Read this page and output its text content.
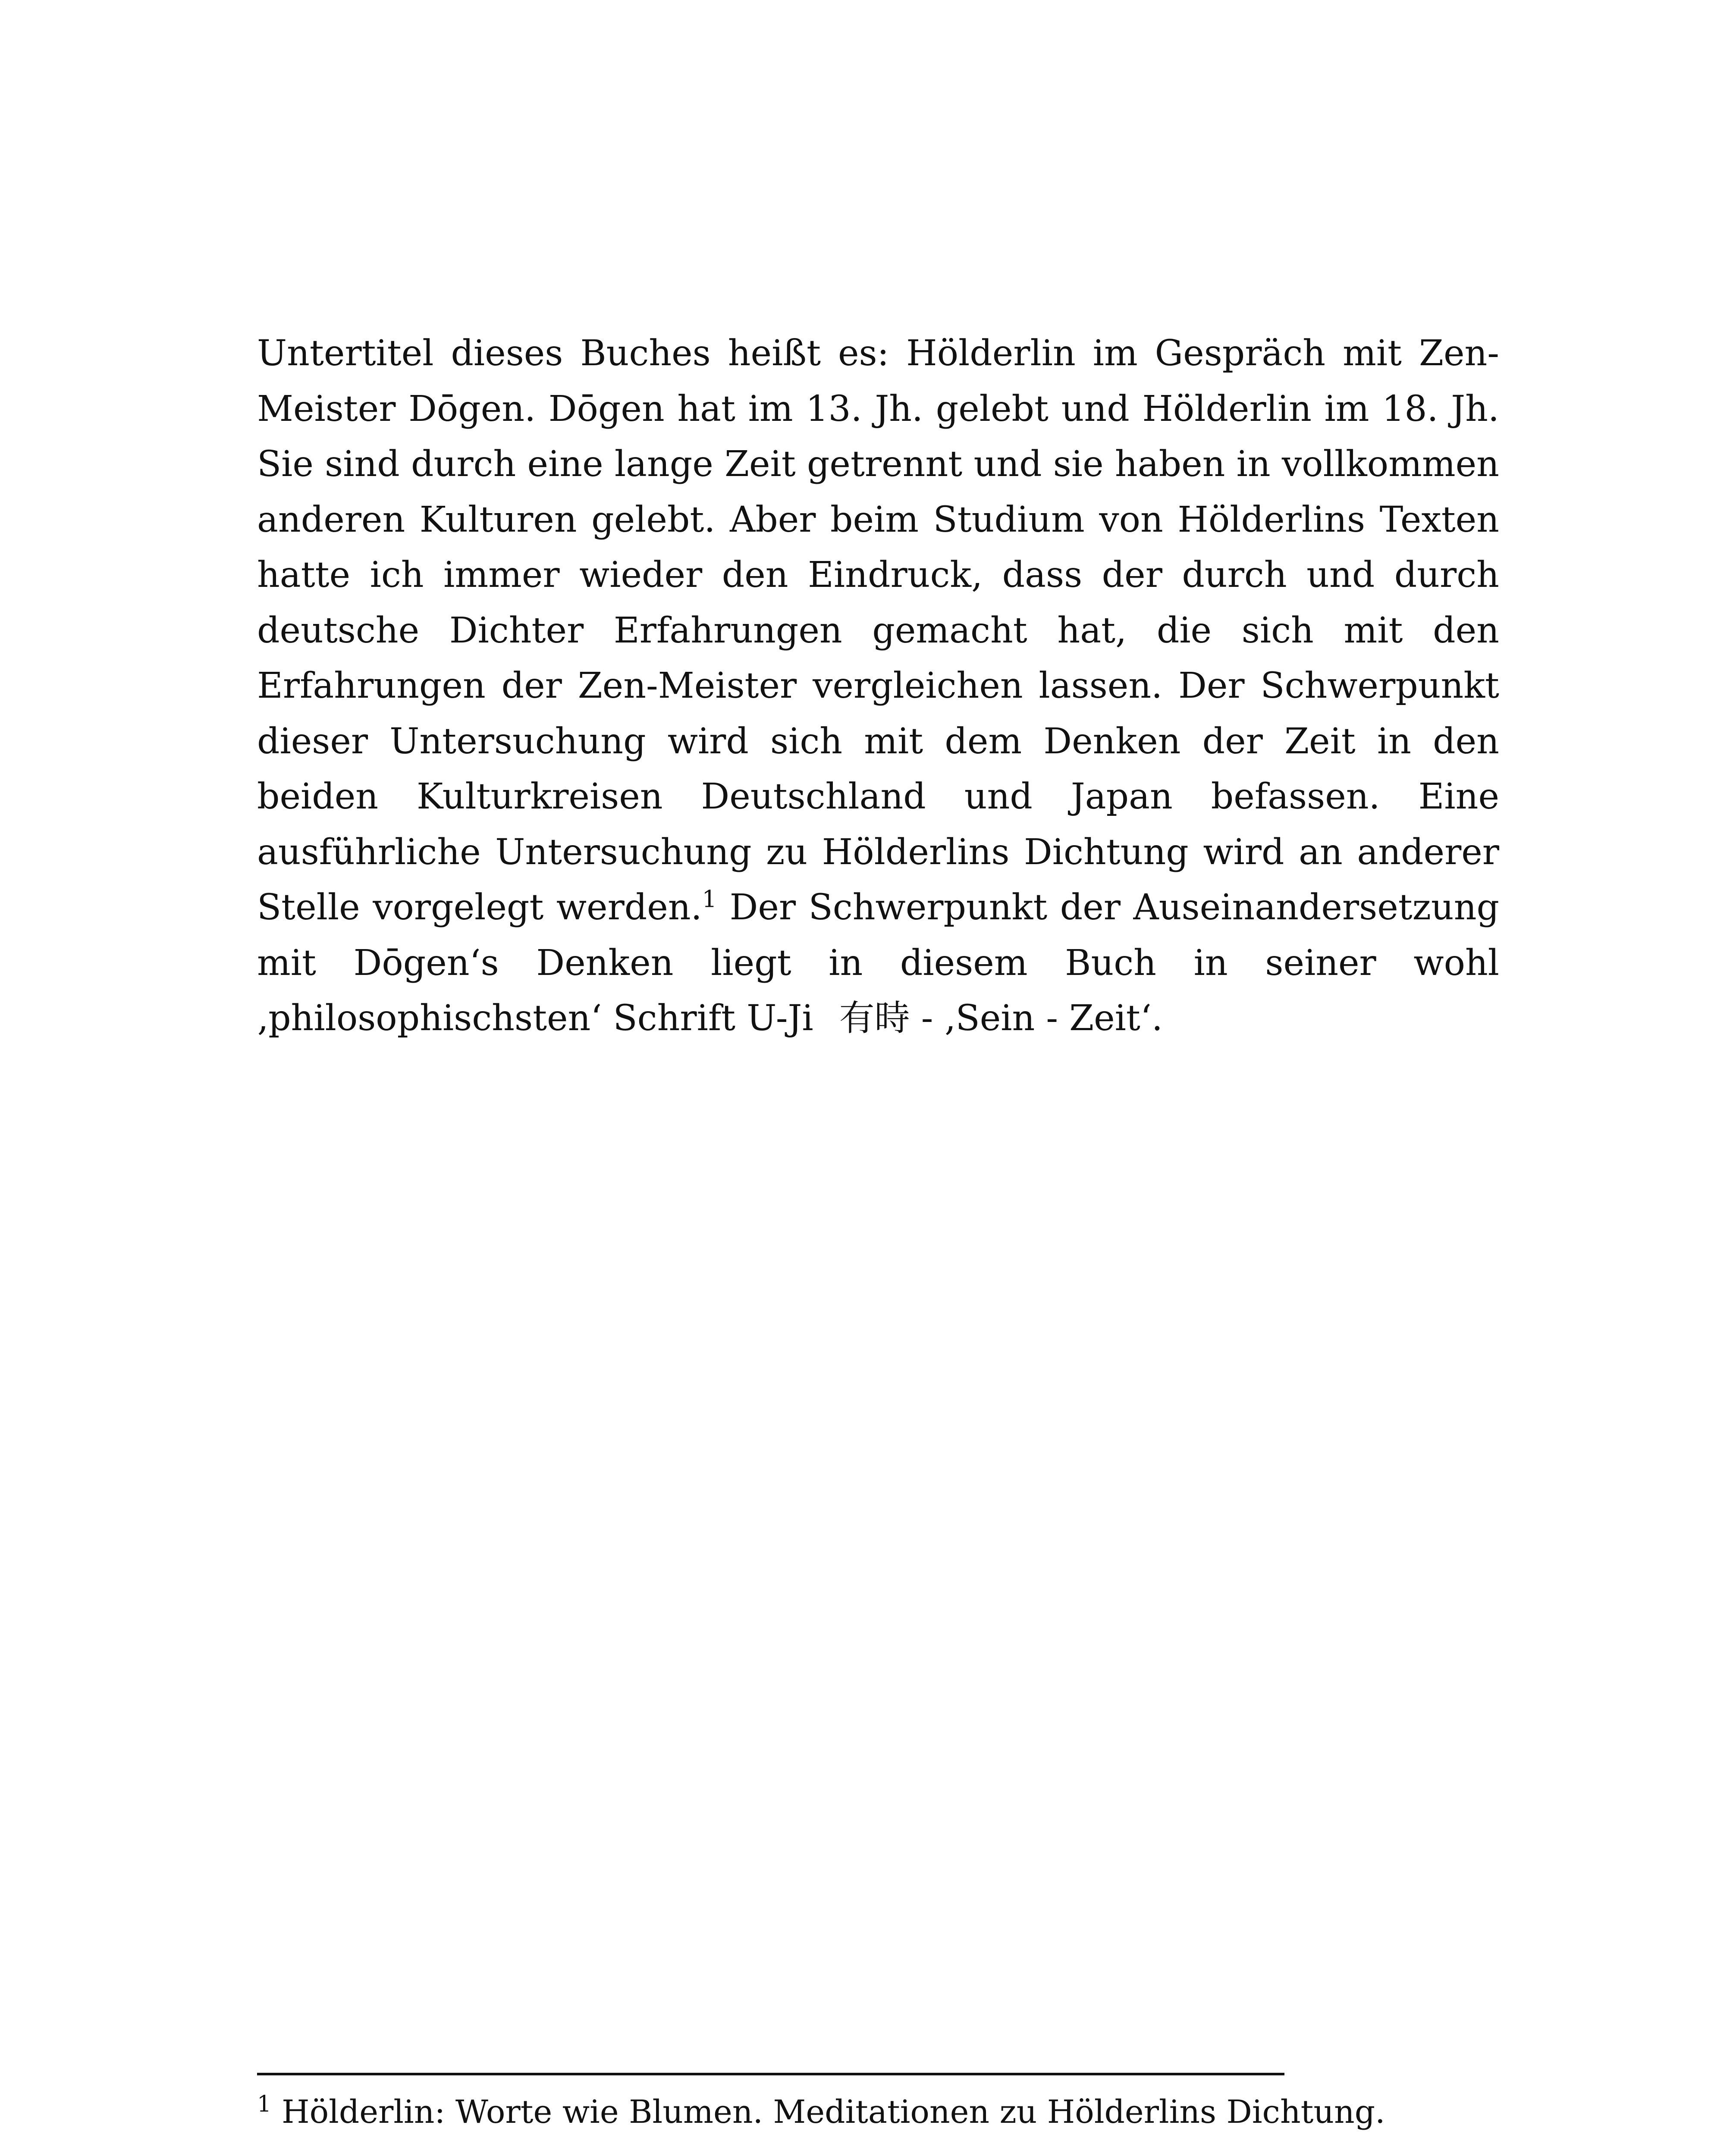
Untertitel dieses Buches heißt es: Hölderlin im Gespräch mit Zen-Meister Dōgen. Dōgen hat im 13. Jh. gelebt und Hölderlin im 18. Jh. Sie sind durch eine lange Zeit getrennt und sie haben in vollkommen anderen Kulturen gelebt. Aber beim Studium von Hölderlins Texten hatte ich immer wieder den Eindruck, dass der durch und durch deutsche Dichter Erfahrungen gemacht hat, die sich mit den Erfahrungen der Zen-Meister vergleichen lassen. Der Schwerpunkt dieser Untersuchung wird sich mit dem Denken der Zeit in den beiden Kulturkreisen Deutschland und Japan befassen. Eine ausführliche Untersuchung zu Hölderlins Dichtung wird an anderer Stelle vorgelegt werden.$^1$ Der Schwerpunkt der Auseinandersetzung mit Dōgen‘s Denken liegt in diesem Buch in seiner wohl ‚philosophischsten‘ Schrift U-Ji 有時 - ‚Sein - Zeit‘.

$^1$ Hölderlin: Worte wie Blumen. Meditationen zu Hölderlins Dichtung.
